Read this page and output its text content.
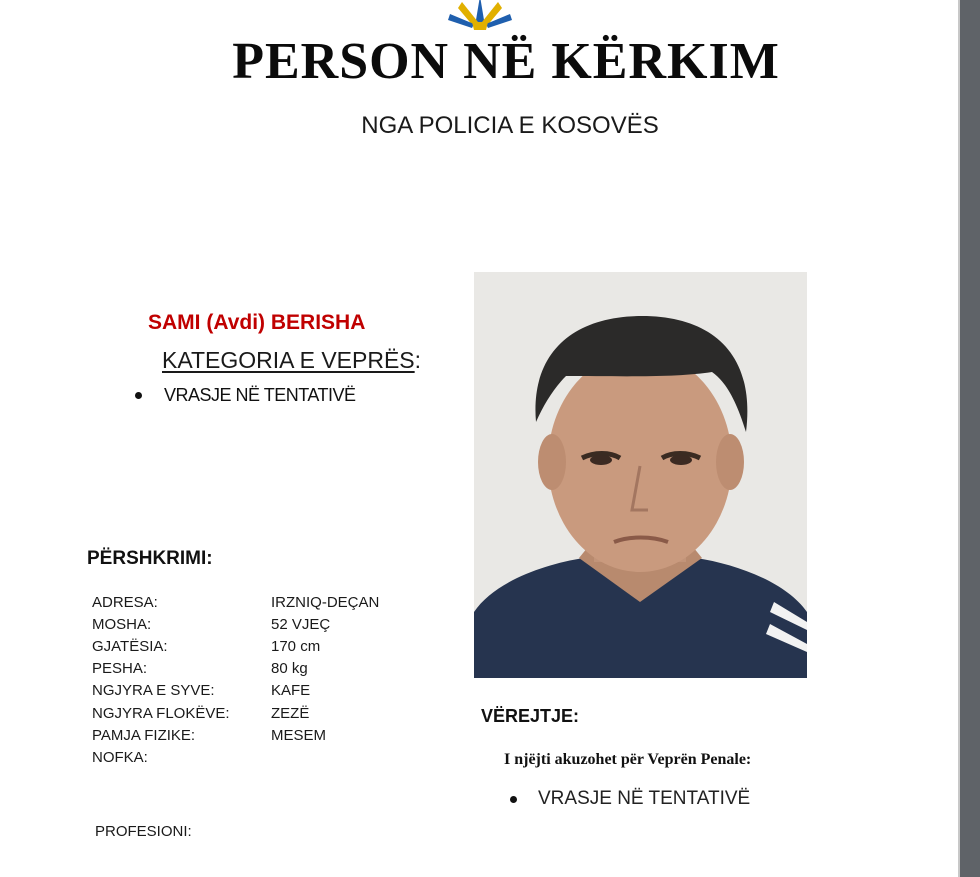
PERSON NË KËRKIM
NGA POLICIA E KOSOVËS
SAMI (Avdi) BERISHA
KATEGORIA E VEPRËS:
VRASJE NË TENTATIVË
PËRSHKRIMI:
ADRESA:	IRZNIQ-DEÇAN
MOSHA:	52 VJEÇ
GJATËSIA:	170 cm
PESHA:	80 kg
NGJYRA E SYVE:	KAFE
NGJYRA FLOKËVE:	ZEZË
PAMJA FIZIKE:	MESEM
NOFKA:
PROFESIONI:
VËREJTJE:
I njëjti akuzohet për Veprën Penale:
VRASJE NË TENTATIVË
